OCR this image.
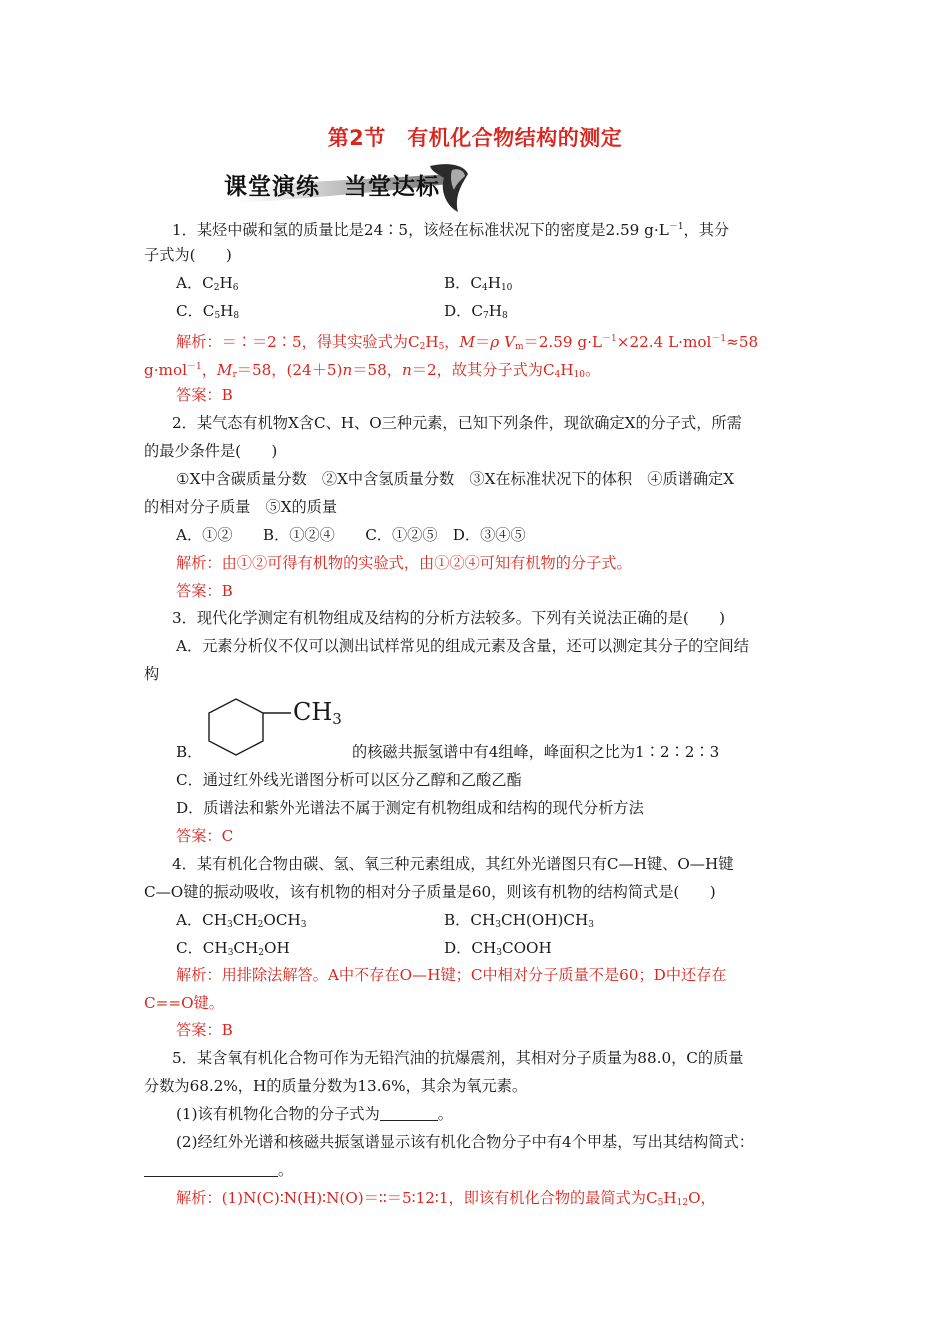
第2节　有机化合物结构的测定
课堂演练　当堂达标
1．某烃中碳和氢的质量比是24∶5，该烃在标准状况下的密度是2.59 $g\cdot L^{-1}$，其分
子式为(　　)
A．$C_2H_6$	B．$C_4H_{10}$
C．$C_5H_8$	D．$C_7H_8$
解析：＝∶＝2∶5，得其实验式为$C_2H_5$，M＝ρ $V_m=2.59$ $g\cdot L^{-1}\times 22.4$ L·mol$^{-1}$≈58
g·mol$^{-1}$，$M_r=58$，(24＋5)n＝58，n＝2，故其分子式为$C_4H_{10}$。
答案：B
2．某气态有机物X含C、H、O三种元素，已知下列条件，现欲确定X的分子式，所需
的最少条件是(　　)
①X中含碳质量分数　②X中含氢质量分数　③X在标准状况下的体积　④质谱确定X
的相对分子质量　⑤X的质量
A．①②　　B．①②④　　C．①②⑤　D．③④⑤
解析：由①②可得有机物的实验式，由①②④可知有机物的分子式。
答案：B
3．现代化学测定有机物组成及结构的分析方法较多。下列有关说法正确的是(　　)
A．元素分析仪不仅可以测出试样常见的组成元素及含量，还可以测定其分子的空间结
构
CH3
B．	的核磁共振氢谱中有4组峰，峰面积之比为1∶2∶2∶3
C．通过红外线光谱图分析可以区分乙醇和乙酸乙酯
D．质谱法和紫外光谱法不属于测定有机物组成和结构的现代分析方法
答案：C
4．某有机化合物由碳、氢、氧三种元素组成，其红外光谱图只有C—H键、O—H键
C—O键的振动吸收，该有机物的相对分子质量是60，则该有机物的结构简式是(　　)
A．$CH_3CH_2OCH_3$	B．$CH_3CH(OH)CH_3$
C．$CH_3CH_2OH$	D．$CH_3COOH$
解析：用排除法解答。A中不存在O—H键；C中相对分子质量不是60；D中还存在
C==O键。
答案：B
5．某含氧有机化合物可作为无铅汽油的抗爆震剂，其相对分子质量为88.0，C的质量
分数为68.2%，H的质量分数为13.6%，其余为氧元素。
(1)该有机物化合物的分子式为	。
(2)经红外光谱和核磁共振氢谱显示该有机化合物分子中有4个甲基，写出其结构简式：
。
解析：(1)N(C)∶N(H)∶N(O)＝∶∶＝5∶12∶1，即该有机化合物的最简式为$C_5H_{12}O$，
